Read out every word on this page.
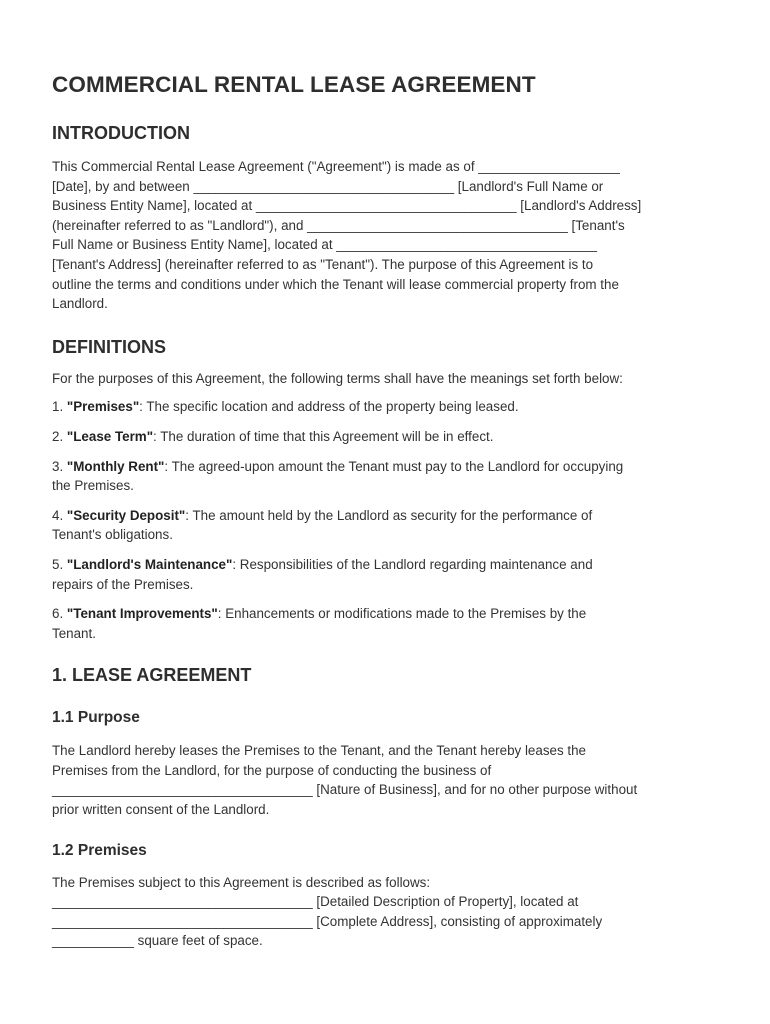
COMMERCIAL RENTAL LEASE AGREEMENT
INTRODUCTION

This Commercial Rental Lease Agreement ("Agreement") is made as of ___________________
[Date], by and between ___________________________________ [Landlord's Full Name or
Business Entity Name], located at ___________________________________ [Landlord's Address]
(hereinafter referred to as "Landlord"), and ___________________________________ [Tenant's
Full Name or Business Entity Name], located at ___________________________________
[Tenant's Address] (hereinafter referred to as "Tenant"). The purpose of this Agreement is to
outline the terms and conditions under which the Tenant will lease commercial property from the
Landlord.

DEFINITIONS

For the purposes of this Agreement, the following terms shall have the meanings set forth below:

1. "Premises": The specific location and address of the property being leased.

2. "Lease Term": The duration of time that this Agreement will be in effect.

3. "Monthly Rent": The agreed-upon amount the Tenant must pay to the Landlord for occupying
the Premises.

4. "Security Deposit": The amount held by the Landlord as security for the performance of
Tenant's obligations.

5. "Landlord's Maintenance": Responsibilities of the Landlord regarding maintenance and
repairs of the Premises.

6. "Tenant Improvements": Enhancements or modifications made to the Premises by the
Tenant.

1. LEASE AGREEMENT
1.1 Purpose

The Landlord hereby leases the Premises to the Tenant, and the Tenant hereby leases the
Premises from the Landlord, for the purpose of conducting the business of
___________________________________ [Nature of Business], and for no other purpose without
prior written consent of the Landlord.

1.2 Premises

The Premises subject to this Agreement is described as follows:
___________________________________ [Detailed Description of Property], located at
___________________________________ [Complete Address], consisting of approximately
___________ square feet of space.
